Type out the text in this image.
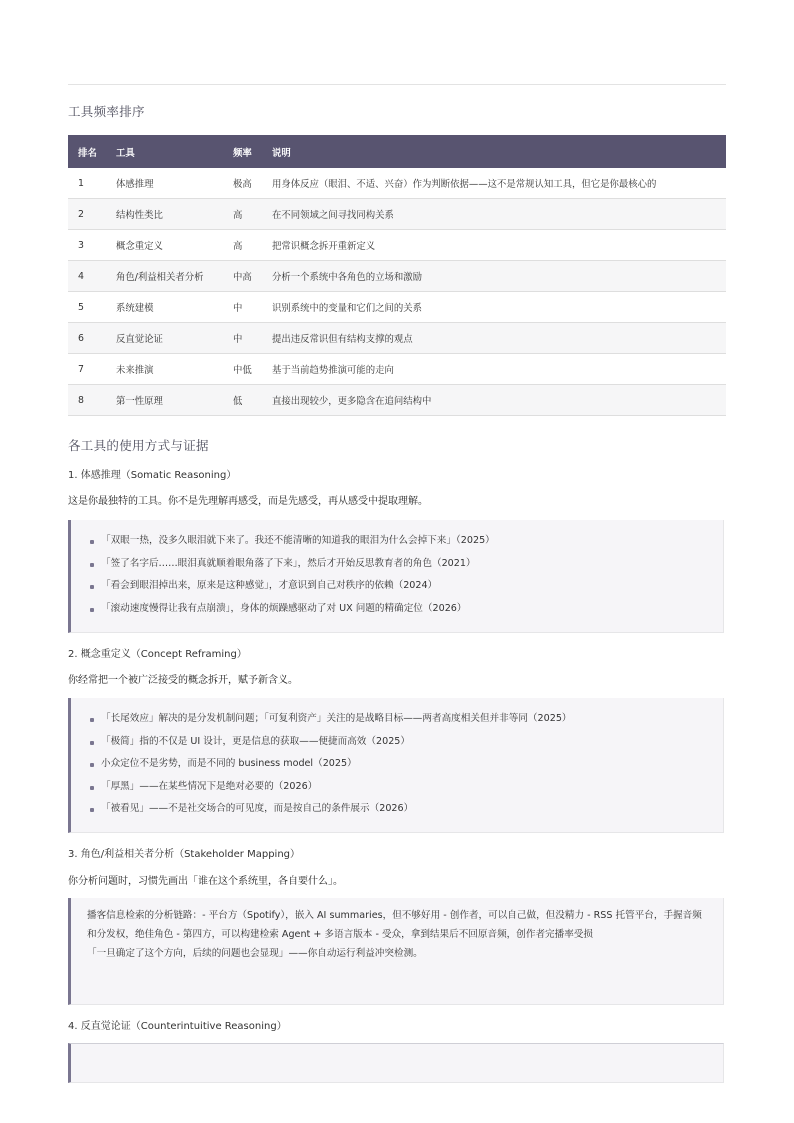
工具频率排序
排名	工具	频率	说明
1	体感推理	极高	用身体反应（眼泪、不适、兴奋）作为判断依据——这不是常规认知工具，但它是你最核心的
2	结构性类比	高	在不同领域之间寻找同构关系
3	概念重定义	高	把常识概念拆开重新定义
4	角色/利益相关者分析	中高	分析一个系统中各角色的立场和激励
5	系统建模	中	识别系统中的变量和它们之间的关系
6	反直觉论证	中	提出违反常识但有结构支撑的观点
7	未来推演	中低	基于当前趋势推演可能的走向
8	第一性原理	低	直接出现较少，更多隐含在追问结构中
各工具的使用方式与证据
1. 体感推理（Somatic Reasoning）

这是你最独特的工具。你不是先理解再感受，而是先感受，再从感受中提取理解。

「双眼一热，没多久眼泪就下来了。我还不能清晰的知道我的眼泪为什么会掉下来」（2025）
「签了名字后……眼泪真就顺着眼角落了下来」，然后才开始反思教育者的角色（2021）
「看会到眼泪掉出来，原来是这种感觉」，才意识到自己对秩序的依赖（2024）
「滚动速度慢得让我有点崩溃」，身体的烦躁感驱动了对 UX 问题的精确定位（2026）
2. 概念重定义（Concept Reframing）

你经常把一个被广泛接受的概念拆开，赋予新含义。

「长尾效应」解决的是分发机制问题；「可复利资产」关注的是战略目标——两者高度相关但并非等同（2025）
「极简」指的不仅是 UI 设计，更是信息的获取——便捷而高效（2025）
小众定位不是劣势，而是不同的 business model（2025）
「厚黑」——在某些情况下是绝对必要的（2026）
「被看见」——不是社交场合的可见度，而是按自己的条件展示（2026）
3. 角色/利益相关者分析（Stakeholder Mapping）

你分析问题时，习惯先画出「谁在这个系统里，各自要什么」。

播客信息检索的分析链路：- 平台方（Spotify），嵌入 AI summaries，但不够好用 - 创作者，可以自己做，但没精力 - RSS 托管平台，手握音频和分发权，绝佳角色 - 第四方，可以构建检索 Agent + 多语言版本 - 受众，拿到结果后不回原音频，创作者完播率受损

「一旦确定了这个方向，后续的问题也会显现」——你自动运行利益冲突检测。

4. 反直觉论证（Counterintuitive Reasoning）
